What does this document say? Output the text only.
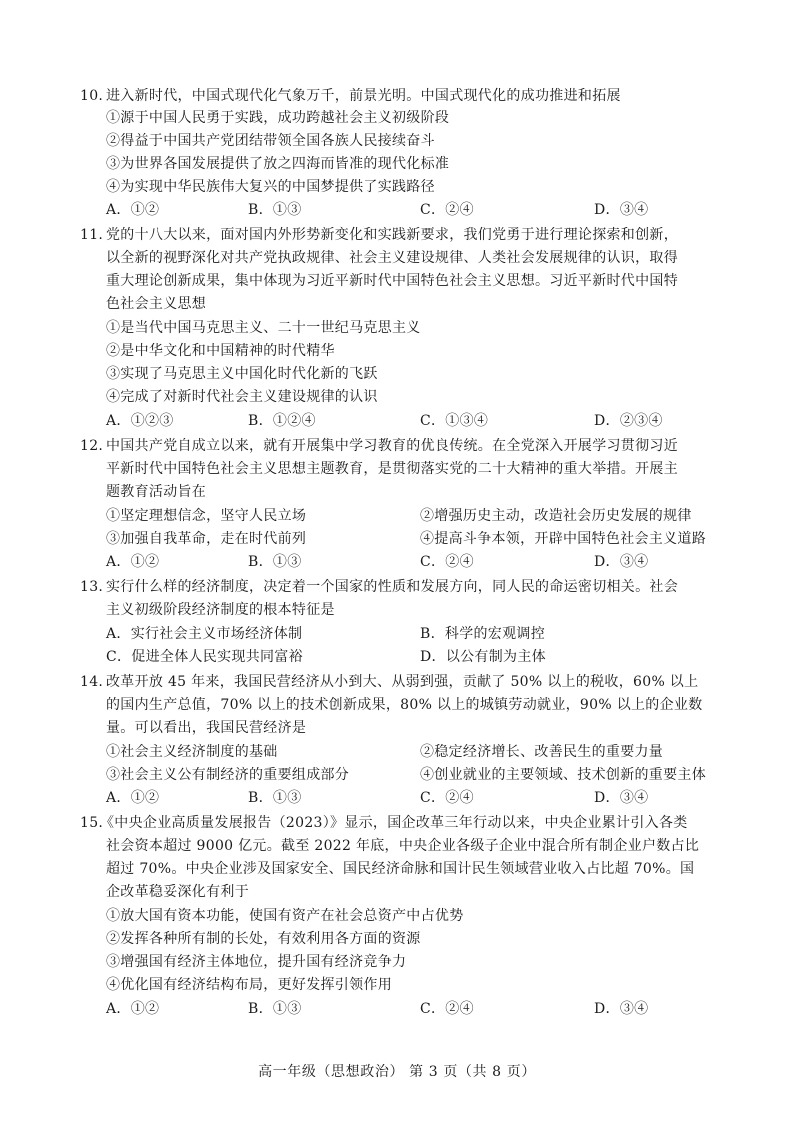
10. 进入新时代，中国式现代化气象万千，前景光明。中国式现代化的成功推进和拓展
①源于中国人民勇于实践，成功跨越社会主义初级阶段
②得益于中国共产党团结带领全国各族人民接续奋斗
③为世界各国发展提供了放之四海而皆准的现代化标准
④为实现中华民族伟大复兴的中国梦提供了实践路径
A．①②	B．①③	C．②④	D．③④
11. 党的十八大以来，面对国内外形势新变化和实践新要求，我们党勇于进行理论探索和创新，
以全新的视野深化对共产党执政规律、社会主义建设规律、人类社会发展规律的认识，取得
重大理论创新成果，集中体现为习近平新时代中国特色社会主义思想。习近平新时代中国特
色社会主义思想
①是当代中国马克思主义、二十一世纪马克思主义
②是中华文化和中国精神的时代精华
③实现了马克思主义中国化时代化新的飞跃
④完成了对新时代社会主义建设规律的认识
A．①②③	B．①②④	C．①③④	D．②③④
12. 中国共产党自成立以来，就有开展集中学习教育的优良传统。在全党深入开展学习贯彻习近
平新时代中国特色社会主义思想主题教育，是贯彻落实党的二十大精神的重大举措。开展主
题教育活动旨在
①坚定理想信念，坚守人民立场	②增强历史主动，改造社会历史发展的规律
③加强自我革命，走在时代前列	④提高斗争本领，开辟中国特色社会主义道路
A．①②	B．①③	C．②④	D．③④
13. 实行什么样的经济制度，决定着一个国家的性质和发展方向，同人民的命运密切相关。社会
主义初级阶段经济制度的根本特征是
A．实行社会主义市场经济体制	B．科学的宏观调控
C．促进全体人民实现共同富裕	D．以公有制为主体
14. 改革开放 45 年来，我国民营经济从小到大、从弱到强，贡献了 50% 以上的税收，60% 以上
的国内生产总值，70% 以上的技术创新成果，80% 以上的城镇劳动就业，90% 以上的企业数
量。可以看出，我国民营经济是
①社会主义经济制度的基础	②稳定经济增长、改善民生的重要力量
③社会主义公有制经济的重要组成部分	④创业就业的主要领域、技术创新的重要主体
A．①②	B．①③	C．②④	D．③④
15.
《中央企业高质量发展报告（2023）》显示，国企改革三年行动以来，中央企业累计引入各类
社会资本超过 9000 亿元。截至 2022 年底，中央企业各级子企业中混合所有制企业户数占比
超过 70%。中央企业涉及国家安全、国民经济命脉和国计民生领域营业收入占比超 70%。国
企改革稳妥深化有利于
①放大国有资本功能，使国有资产在社会总资产中占优势
②发挥各种所有制的长处，有效利用各方面的资源
③增强国有经济主体地位，提升国有经济竞争力
④优化国有经济结构布局，更好发挥引领作用
A．①②	B．①③	C．②④	D．③④
高一年级（思想政治） 第 3 页（共 8 页）
